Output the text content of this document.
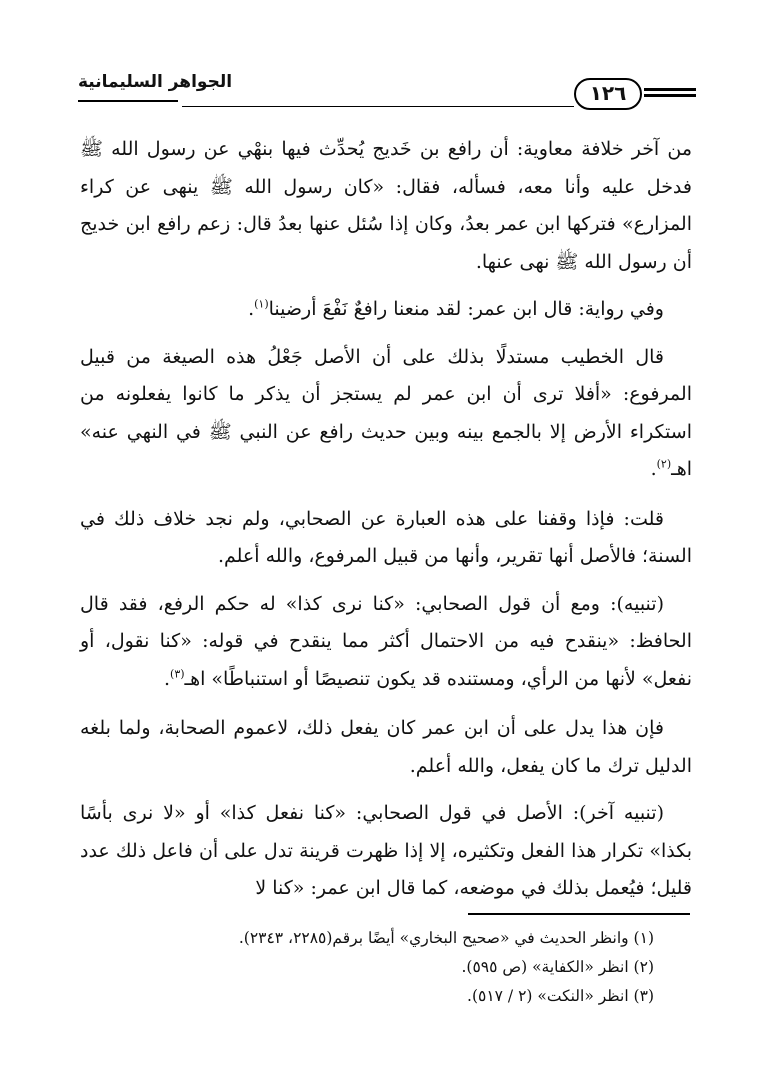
الجواهر السليمانية	١٢٦

من آخر خلافة معاوية: أن رافع بن خَديج يُحدِّث فيها بنهْي عن رسول الله ﷺ فدخل عليه وأنا معه، فسأله، فقال: «كان رسول الله ﷺ ينهى عن كراء المزارع» فتركها ابن عمر بعدُ، وكان إذا سُئل عنها بعدُ قال: زعم رافع ابن خديج أن رسول الله ﷺ نهى عنها.

وفي رواية: قال ابن عمر: لقد منعنا رافعٌ نَفْعَ أرضينا$^{(١)}$.

قال الخطيب مستدلًا بذلك على أن الأصل جَعْلُ هذه الصيغة من قبيل المرفوع: «أفلا ترى أن ابن عمر لم يستجز أن يذكر ما كانوا يفعلونه من استكراء الأرض إلا بالجمع بينه وبين حديث رافع عن النبي ﷺ في النهي عنه» اهـ$^{(٢)}$.

قلت: فإذا وقفنا على هذه العبارة عن الصحابي، ولم نجد خلاف ذلك في السنة؛ فالأصل أنها تقرير، وأنها من قبيل المرفوع، والله أعلم.

(تنبيه): ومع أن قول الصحابي: «كنا نرى كذا» له حكم الرفع، فقد قال الحافظ: «ينقدح فيه من الاحتمال أكثر مما ينقدح في قوله: «كنا نقول، أو نفعل» لأنها من الرأي، ومستنده قد يكون تنصيصًا أو استنباطًا» اهـ$^{(٣)}$.

فإن هذا يدل على أن ابن عمر كان يفعل ذلك، لاعموم الصحابة، ولما بلغه الدليل ترك ما كان يفعل، والله أعلم.

(تنبيه آخر): الأصل في قول الصحابي: «كنا نفعل كذا» أو «لا نرى بأسًا بكذا» تكرار هذا الفعل وتكثيره، إلا إذا ظهرت قرينة تدل على أن فاعل ذلك عدد قليل؛ فيُعمل بذلك في موضعه، كما قال ابن عمر: «كنا لا

(١) وانظر الحديث في «صحيح البخاري» أيضًا برقم(٢٢٨٥، ٢٣٤٣).
(٢) انظر «الكفاية» (ص ٥٩٥).
(٣) انظر «النكت» (٢ / ٥١٧).
